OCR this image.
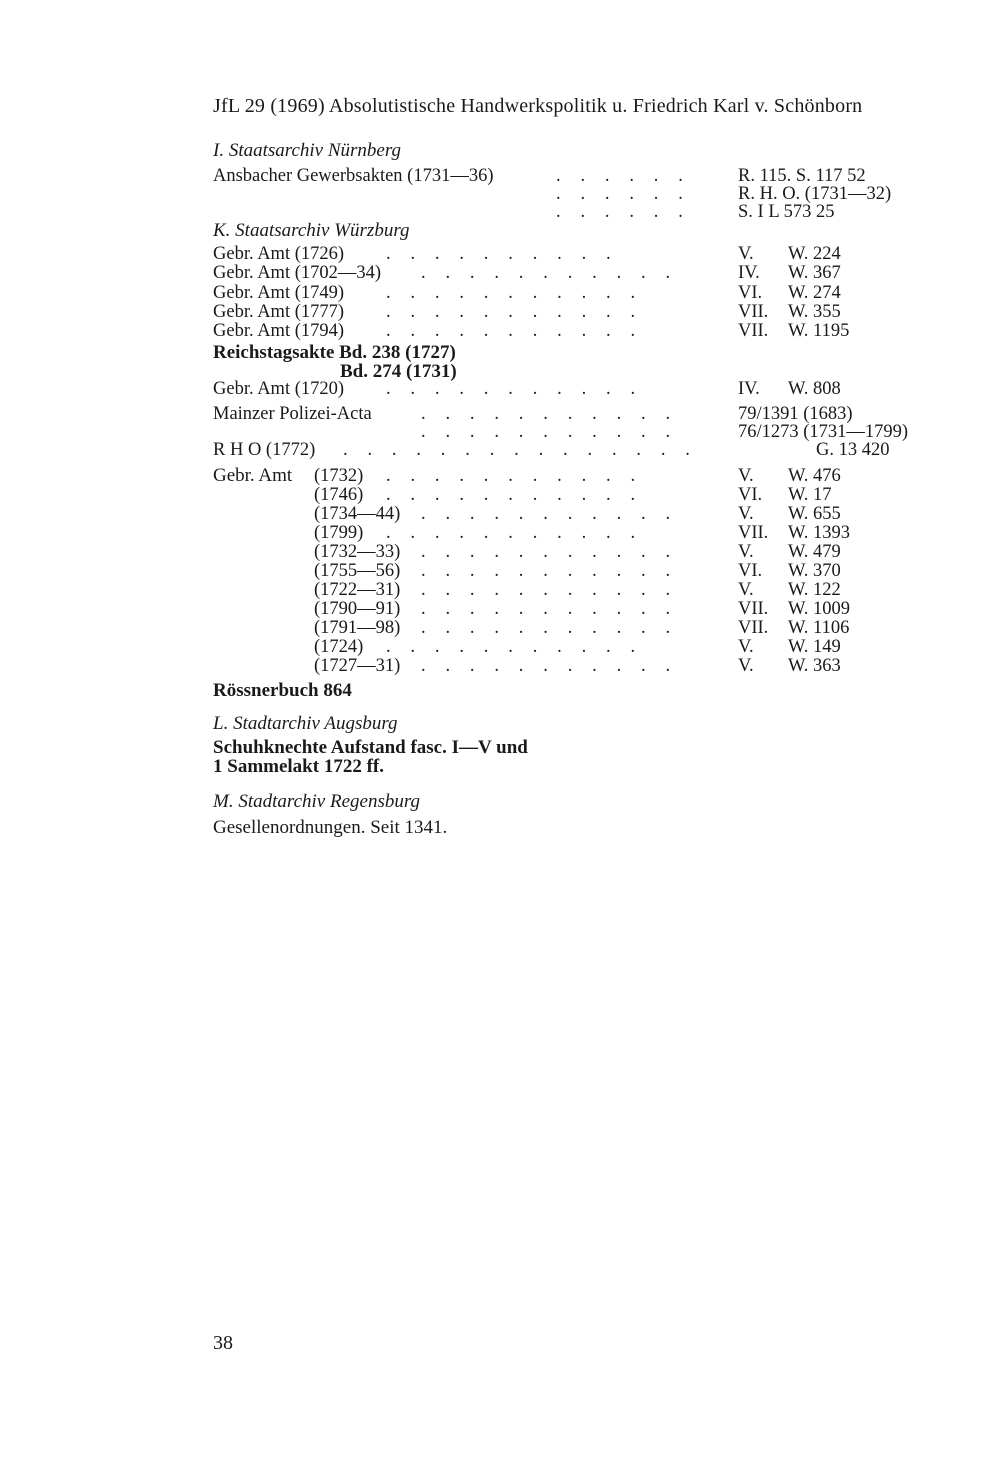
JfL 29 (1969) Absolutistische Handwerkspolitik u. Friedrich Karl v. Schönborn
I. Staatsarchiv Nürnberg
Ansbacher Gewerbsakten (1731—36)	. . . . . .	R. 115. S. 117 52
. . . . . .	R. H. O. (1731—32)
. . . . . .	S. I L 573 25
K. Staatsarchiv Würzburg
Gebr. Amt (1726) . . . . . . . . . .	V. W. 224
Gebr. Amt (1702—34) . . . . . . . . . . .	IV. W. 367
Gebr. Amt (1749) . . . . . . . . . . .	VI. W. 274
Gebr. Amt (1777) . . . . . . . . . . .	VII. W. 355
Gebr. Amt (1794) . . . . . . . . . . .	VII. W. 1195
Reichstagsakte Bd. 238 (1727)
Bd. 274 (1731)
Gebr. Amt (1720) . . . . . . . . . . .	IV. W. 808
Mainzer Polizei-Acta	. . . . . . . . . . .	79/1391 (1683)
. . . . . . . . . . .	76/1273 (1731—1799)
R H O (1772) . . . . . . . . . . . . . . .	G. 13 420
Gebr. Amt (1732) . . . . . . . . . . .	V. W. 476
(1746) . . . . . . . . . . .	VI. W. 17
(1734—44) . . . . . . . . . . .	V. W. 655
(1799) . . . . . . . . . . .	VII. W. 1393
(1732—33) . . . . . . . . . . .	V. W. 479
(1755—56) . . . . . . . . . . .	VI. W. 370
(1722—31) . . . . . . . . . . .	V. W. 122
(1790—91) . . . . . . . . . . .	VII. W. 1009
(1791—98) . . . . . . . . . . .	VII. W. 1106
(1724) . . . . . . . . . . .	V. W. 149
(1727—31) . . . . . . . . . . .	V. W. 363
Rössnerbuch 864
L. Stadtarchiv Augsburg
Schuhknechte Aufstand fasc. I—V und
1 Sammelakt 1722 ff.
M. Stadtarchiv Regensburg
Gesellenordnungen. Seit 1341.
38
